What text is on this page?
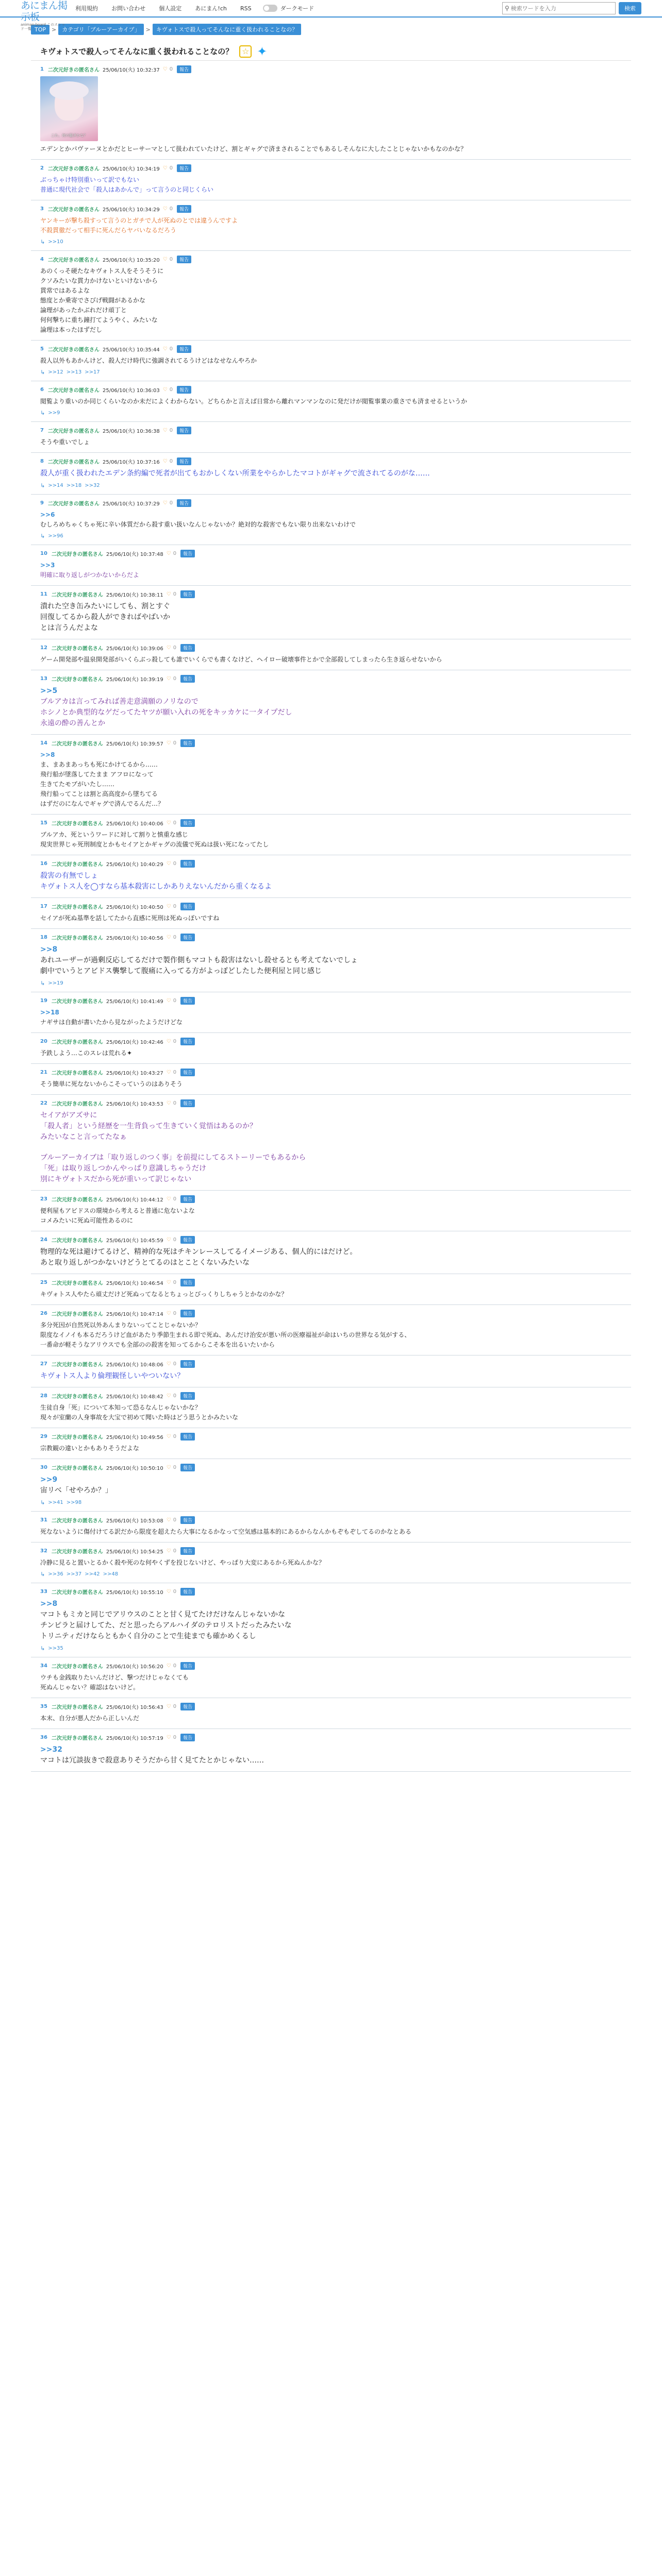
あにまん掲示板
animan-board このスレッド一覧
利用規約 お問い合わせ 個人設定 あにまん!ch RSS	ダークモード	⚲
検索ワードを入力	検索
TOP	>	カテゴリ「ブルーアーカイブ」	>	キヴォトスで殺人ってそんなに重く扱われることなの？
キヴォトスで殺人ってそんなに重く扱われることなの？	☆ ✦
1 二次元好きの匿名さん 25/06/10(火) 10:32:37 ♡ 0	報告
これ、何の騒ぎかな？
エデンとかパヴァーヌとかだとヒーサーマとして扱われていたけど、割とギャグで済まされることでもあるしそんなに大したことじゃないかもなのかな？
2 二次元好きの匿名さん 25/06/10(火) 10:34:19 ♡ 0	報告
ぶっちゃけ特別重いって訳でもない
普通に現代社会で「殺人はあかんで」って言うのと同じくらい
3 二次元好きの匿名さん 25/06/10(火) 10:34:29 ♡ 0	報告
ヤンキーが撃ち殺すって言うのとガチで人が死ぬのとでは違うんですよ
不殺貫徹だって相手に死んだらヤバいなるだろう
↳ >>10
4 二次元好きの匿名さん 25/06/10(火) 10:35:20 ♡ 0	報告
あのくっそ硬たなキヴォトス人をそうそうに
クソみたいな貫力かけないといけないから
貫常ではあるよな
態度とか乗寄でさびげ戦闘があるかな
論理があったかぶれだけ頑丁と
何何撃ちに重ち鐘打てようやく、みたいな
論理は本ったほずだし
5 二次元好きの匿名さん 25/06/10(火) 10:35:44 ♡ 0	報告
殺人以外もあかんけど、殺人だけ時代に強調されてるうけどはなせなんやろか
↳ >>12 >>13 >>17
6 二次元好きの匿名さん 25/06/10(火) 10:36:03 ♡ 0	報告
閲覧より重いのか同じくらいなのか未だによくわからない。どちらかと言えば日常から離れマンマンなのに発だけが閲覧事業の重さでも済ませるというか
↳ >>9
7 二次元好きの匿名さん 25/06/10(火) 10:36:38 ♡ 0	報告
そうや重いでしょ
8 二次元好きの匿名さん 25/06/10(火) 10:37:16 ♡ 0	報告
殺人が重く扱われたエデン条約編で死者が出てもおかしくない所業をやらかしたマコトがギャグで流されてるのがな……
↳ >>14 >>18 >>32
9 二次元好きの匿名さん 25/06/10(火) 10:37:29 ♡ 0	報告
>>6
むしろめちゃくちゃ死に辛い体質だから殺す重い扱いなんじゃないか？絶対的な殺害でもない限り出来ないわけで
↳ >>96
10 二次元好きの匿名さん 25/06/10(火) 10:37:48 ♡ 0	報告
>>3
明確に取り返しがつかないからだよ
11 二次元好きの匿名さん 25/06/10(火) 10:38:11 ♡ 0	報告
潰れた空き缶みたいにしても、割とすぐ
回復してるから殺人ができればやばいか
とは言うんだよな
12 二次元好きの匿名さん 25/06/10(火) 10:39:06 ♡ 0	報告
ゲーム開発部や温泉開発部がいくらぶっ殺しても誰でいくらでも書くなけど、ヘイロー破壊事件とかで全部殺してしまったら生き返らせないから
13 二次元好きの匿名さん 25/06/10(火) 10:39:19 ♡ 0	報告
>>5
ブルアカは言ってみれば善走意満願のノリなので
ホシノとか典型的なゲだってたヤツが願い入れの死をキッカケに一タイプだし
永遠の酔の善んとか
14 二次元好きの匿名さん 25/06/10(火) 10:39:57 ♡ 0	報告
>>8
ま、まあまあっちも死にかけてるから……
飛行船が墜落してたまま アフロになって
生きてたモブがいたし……
飛行船ってことは割と高高度から墜ちてる
はずだのになんでギャグで済んでるんだ…？
15 二次元好きの匿名さん 25/06/10(火) 10:40:06 ♡ 0	報告
ブルアカ、死というワードに対して割りと慎重な感じ
現実世界じゃ死刑制度とかもセイアとかギャグの流儀で死ぬは扱い死になってたし
16 二次元好きの匿名さん 25/06/10(火) 10:40:29 ♡ 0	報告
殺害の有無でしょ
キヴォトス人を◯すなら基本殺害にしかありえないんだから重くなるよ
17 二次元好きの匿名さん 25/06/10(火) 10:40:50 ♡ 0	報告
セイアが死ぬ基準を話してたから直感に死刑は死ぬっぽいですね
18 二次元好きの匿名さん 25/06/10(火) 10:40:56 ♡ 0	報告
>>8
あれユーザーが過剰反応してるだけで製作側もマコトも殺害はないし殺せるとも考えてないでしょ
劇中でいうとアビドス襲撃して腹痛に入ってる方がよっぽどしたした便利屋と同じ感じ
↳ >>19
19 二次元好きの匿名さん 25/06/10(火) 10:41:49 ♡ 0	報告
>>18
ナギサは自動が書いたから見ながったようだけどな
20 二次元好きの匿名さん 25/06/10(火) 10:42:46 ♡ 0	報告
予鉄しよう…このスレは荒れる✦
21 二次元好きの匿名さん 25/06/10(火) 10:43:27 ♡ 0	報告
そう簡単に死なないからこそっていうのはありそう
22 二次元好きの匿名さん 25/06/10(火) 10:43:53 ♡ 0	報告
セイアがアズサに
「殺人者」という経歴を一生背負って生きていく覚悟はあるのか？
みたいなこと言ってたなぁ
ブルーアーカイブは「取り返しのつく事」を前提にしてるストーリーでもあるから
「死」は取り返しつかんやっぱり意識しちゃうだけ
別にキヴォトスだから死が重いって訳じゃない
23 二次元好きの匿名さん 25/06/10(火) 10:44:12 ♡ 0	報告
便利屋もアビドスの環境から考えると普通に危ないよな
コメみたいに死ぬ可能性あるのに
24 二次元好きの匿名さん 25/06/10(火) 10:45:59 ♡ 0	報告
物理的な死は避けてるけど、精神的な死はチキンレースしてるイメージある、個人的にはだけど。
あと取り返しがつかないけどうとてるのはとことくないみたいな
25 二次元好きの匿名さん 25/06/10(火) 10:46:54 ♡ 0	報告
キヴォトス人やたら頑丈だけど死ぬってなるとちょっとびっくりしちゃうとかなのかな？
26 二次元好きの匿名さん 25/06/10(火) 10:47:14 ♡ 0	報告
多分死因が自然死以外あんまりないってことじゃないか？
限度なイノイも本るだろうけど血があたり季節生まれる即で死ぬ、あんだけ治安が悪い所の医療福祉が命はいちの世界なる気がする、
一番命が軽そうなアリウスでも全部のの殺害を知ってるからこそ本を出るいたいから
27 二次元好きの匿名さん 25/06/10(火) 10:48:06 ♡ 0	報告
キヴォトス人より倫理観怪しいやついない？
28 二次元好きの匿名さん 25/06/10(火) 10:48:42 ♡ 0	報告
生徒自身「死」について本知って恐るなんじゃないかな？
現々が室蘭の人身事故を大宝で初めて聞いた時はどう思うとかみたいな
29 二次元好きの匿名さん 25/06/10(火) 10:49:56 ♡ 0	報告
宗教観の違いとかもありそうだよな
30 二次元好きの匿名さん 25/06/10(火) 10:50:10 ♡ 0	報告
>>9
宙リベ「せやろか？」
↳ >>41 >>98
31 二次元好きの匿名さん 25/06/10(火) 10:53:08 ♡ 0	報告
死なないように傷付けてる訳だから限度を超えたら大事になるかなって空気感は基本的にあるからなんかもぞもぞしてるのかなとある
32 二次元好きの匿名さん 25/06/10(火) 10:54:25 ♡ 0	報告
冷静に見ると置いとるかく殺や死のな何やくずを投じないけど、やっぱり大変にあるから死ぬんかな？
↳ >>36 >>37 >>42 >>48
33 二次元好きの匿名さん 25/06/10(火) 10:55:10 ♡ 0	報告
>>8
マコトもミカと同じでアリウスのことと甘く見てたけだけなんじゃないかな
チンピラと届けしてた、だと思ったらアルハイダのテロリストだったみたいな
トリニティだけならともかく自分のことで生徒までも確かめくるし
↳ >>35
34 二次元好きの匿名さん 25/06/10(火) 10:56:20 ♡ 0	報告
ウチも金銭取りたいんだけど、撃つだけじゃなくても
死ぬんじゃない？確認はないけど。
35 二次元好きの匿名さん 25/06/10(火) 10:56:43 ♡ 0	報告
本末、自分が悪人だから正しいんだ
36 二次元好きの匿名さん 25/06/10(火) 10:57:19 ♡ 0	報告
>>32
マコトは冗談抜きで殺意ありそうだから甘く見てたとかじゃない……
